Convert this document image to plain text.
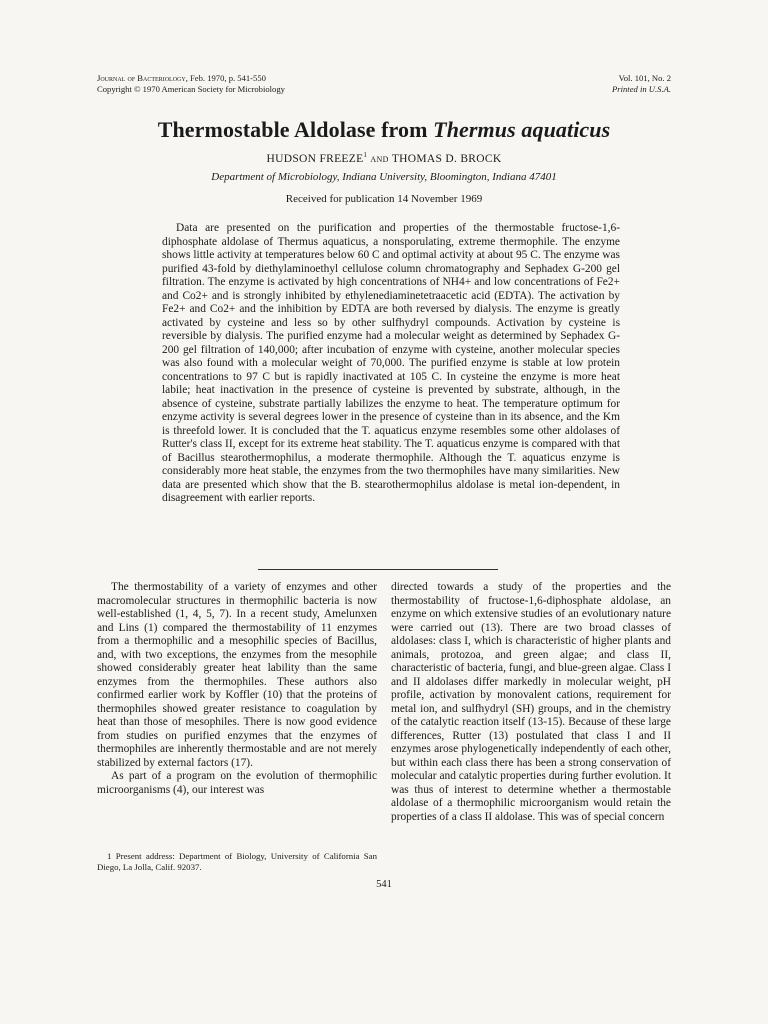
Journal of Bacteriology, Feb. 1970, p. 541-550
Copyright © 1970 American Society for Microbiology
Vol. 101, No. 2
Printed in U.S.A.
Thermostable Aldolase from Thermus aquaticus
HUDSON FREEZE$^1$ and THOMAS D. BROCK
Department of Microbiology, Indiana University, Bloomington, Indiana 47401
Received for publication 14 November 1969

Data are presented on the purification and properties of the thermostable fructose-1,6-diphosphate aldolase of Thermus aquaticus, a nonsporulating, extreme thermophile. The enzyme shows little activity at temperatures below 60 C and optimal activity at about 95 C. The enzyme was purified 43-fold by diethylaminoethyl cellulose column chromatography and Sephadex G-200 gel filtration. The enzyme is activated by high concentrations of NH4+ and low concentrations of Fe2+ and Co2+ and is strongly inhibited by ethylenediaminetetraacetic acid (EDTA). The activation by Fe2+ and Co2+ and the inhibition by EDTA are both reversed by dialysis. The enzyme is greatly activated by cysteine and less so by other sulfhydryl compounds. Activation by cysteine is reversible by dialysis. The purified enzyme had a molecular weight as determined by Sephadex G-200 gel filtration of 140,000; after incubation of enzyme with cysteine, another molecular species was also found with a molecular weight of 70,000. The purified enzyme is stable at low protein concentrations to 97 C but is rapidly inactivated at 105 C. In cysteine the enzyme is more heat labile; heat inactivation in the presence of cysteine is prevented by substrate, although, in the absence of cysteine, substrate partially labilizes the enzyme to heat. The temperature optimum for enzyme activity is several degrees lower in the presence of cysteine than in its absence, and the Km is threefold lower. It is concluded that the T. aquaticus enzyme resembles some other aldolases of Rutter's class II, except for its extreme heat stability. The T. aquaticus enzyme is compared with that of Bacillus stearothermophilus, a moderate thermophile. Although the T. aquaticus enzyme is considerably more heat stable, the enzymes from the two thermophiles have many similarities. New data are presented which show that the B. stearothermophilus aldolase is metal ion-dependent, in disagreement with earlier reports.

The thermostability of a variety of enzymes and other macromolecular structures in thermophilic bacteria is now well-established (1, 4, 5, 7). In a recent study, Amelunxen and Lins (1) compared the thermostability of 11 enzymes from a thermophilic and a mesophilic species of Bacillus, and, with two exceptions, the enzymes from the mesophile showed considerably greater heat lability than the same enzymes from the thermophiles. These authors also confirmed earlier work by Koffler (10) that the proteins of thermophiles showed greater resistance to coagulation by heat than those of mesophiles. There is now good evidence from studies on purified enzymes that the enzymes of thermophiles are inherently thermostable and are not merely stabilized by external factors (17).

As part of a program on the evolution of thermophilic microorganisms (4), our interest was

1 Present address: Department of Biology, University of California San Diego, La Jolla, Calif. 92037.

directed towards a study of the properties and the thermostability of fructose-1,6-diphosphate aldolase, an enzyme on which extensive studies of an evolutionary nature were carried out (13). There are two broad classes of aldolases: class I, which is characteristic of higher plants and animals, protozoa, and green algae; and class II, characteristic of bacteria, fungi, and blue-green algae. Class I and II aldolases differ markedly in molecular weight, pH profile, activation by monovalent cations, requirement for metal ion, and sulfhydryl (SH) groups, and in the chemistry of the catalytic reaction itself (13-15). Because of these large differences, Rutter (13) postulated that class I and II enzymes arose phylogenetically independently of each other, but within each class there has been a strong conservation of molecular and catalytic properties during further evolution. It was thus of interest to determine whether a thermostable aldolase of a thermophilic microorganism would retain the properties of a class II aldolase. This was of special concern

541
